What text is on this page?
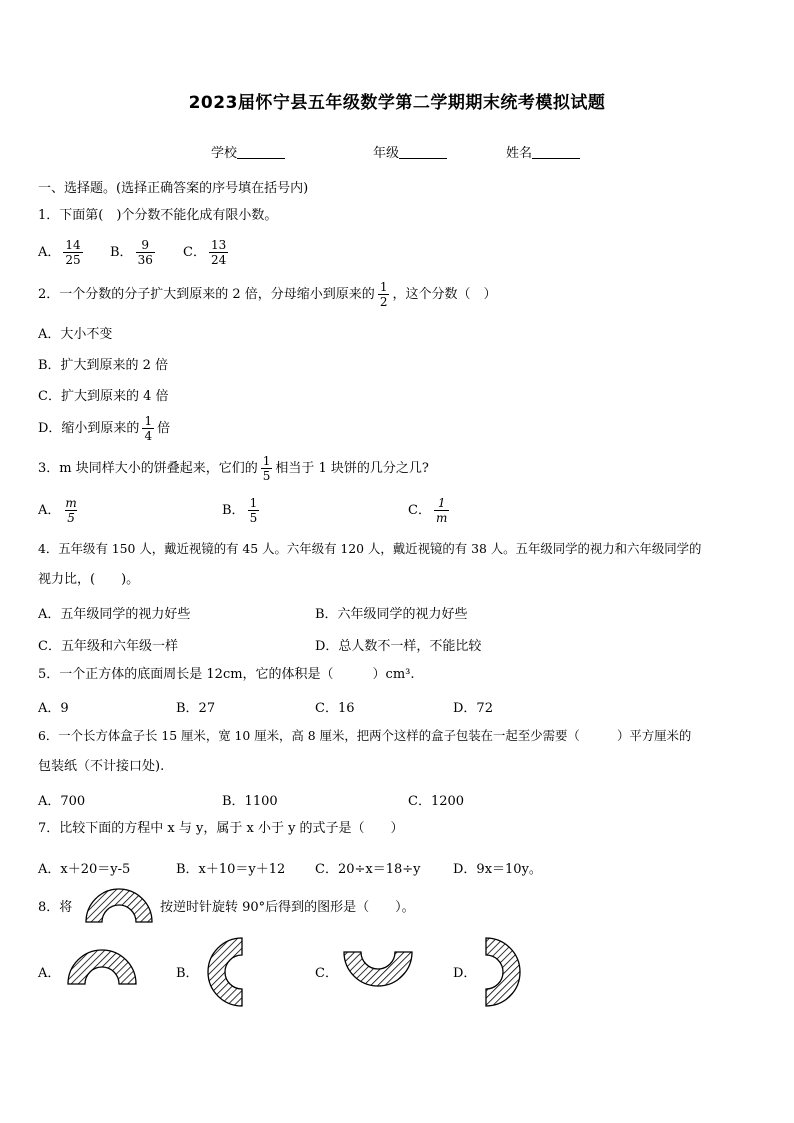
2023届怀宁县五年级数学第二学期期末统考模拟试题
学校	年级	姓名
一、选择题。(选择正确答案的序号填在括号内)
1．下面第(　)个分数不能化成有限小数。
A． $\frac{14}{25}$ B． $\frac{9}{36}$ C． $\frac{13}{24}$
2．一个分数的分子扩大到原来的 2 倍，分母缩小到原来的 $\frac{1}{2}$ ，这个分数（　）
A．大小不变
B．扩大到原来的 2 倍
C．扩大到原来的 4 倍
D．缩小到原来的 $\frac{1}{4}$ 倍
3．m 块同样大小的饼叠起来，它们的 $\frac{1}{5}$ 相当于 1 块饼的几分之几?
A． $\frac{m}{5}$	B． $\frac{1}{5}$	C． $\frac{1}{m}$
4．五年级有 150 人，戴近视镜的有 45 人。六年级有 120 人，戴近视镜的有 38 人。五年级同学的视力和六年级同学的
视力比，(　　)。
A．五年级同学的视力好些	B．六年级同学的视力好些
C．五年级和六年级一样	D．总人数不一样，不能比较
5．一个正方体的底面周长是 12cm，它的体积是（　　　）cm³.
A．9	B．27	C．16	D．72
6．一个长方体盒子长 15 厘米，宽 10 厘米，高 8 厘米，把两个这样的盒子包装在一起至少需要（　　　）平方厘米的
包装纸（不计接口处).
A．700	B．1100	C．1200
7．比较下面的方程中 x 与 y，属于 x 小于 y 的式子是（　　）
A．x＋20＝y-5	B．x＋10＝y＋12 C．20÷x＝18÷y	D．9x＝10y。
8．将	按逆时针旋转 90°后得到的图形是（　　）。
A．	B．	C．	D．
